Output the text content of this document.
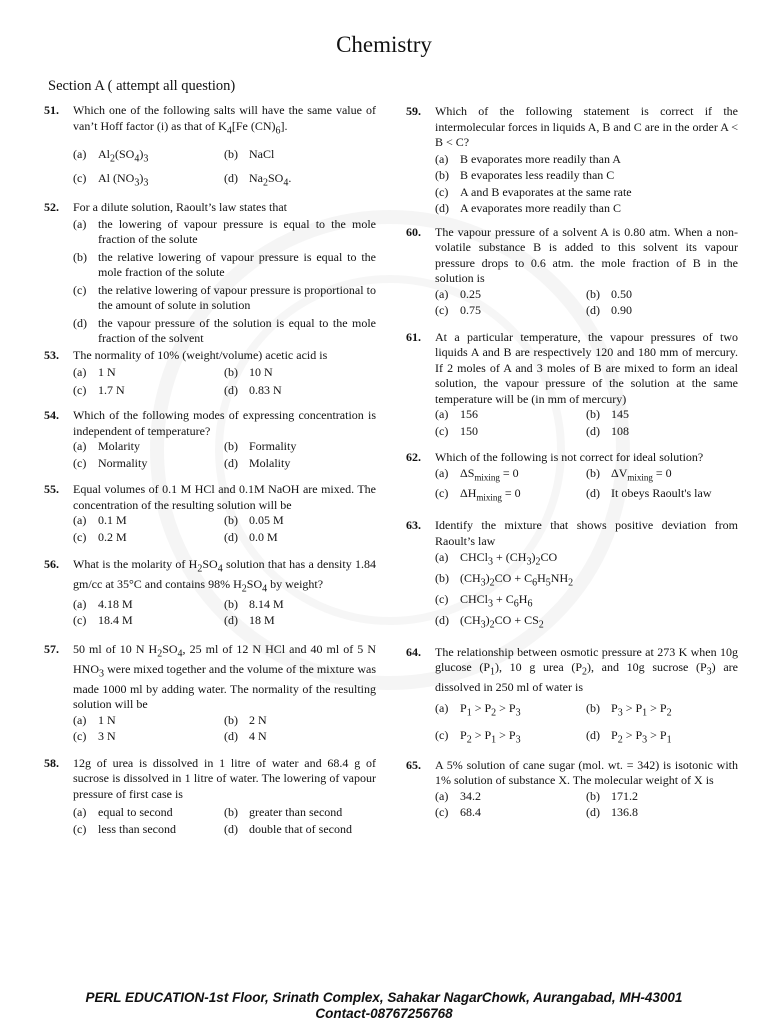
Chemistry
Section A ( attempt all question)
51. Which one of the following salts will have the same value of van’t Hoff factor (i) as that of $K_4[Fe$ $(CN)_6$].
(a) $Al_2(SO_4)_3$	(b) NaCl
(c) Al $(NO_3)_3$	(d) $Na_2SO_4$.
52. For a dilute solution, Raoult’s law states that
(a) the lowering of vapour pressure is equal to the mole fraction of the solute
(b) the relative lowering of vapour pressure is equal to the mole fraction of the solute
(c) the relative lowering of vapour pressure is proportional to the amount of solute in solution
(d) the vapour pressure of the solution is equal to the mole fraction of the solvent
53. The normality of 10% (weight/volume) acetic acid is
(a) 1 N	(b) 10 N
(c) 1.7 N	(d) 0.83 N
54. Which of the following modes of expressing concentration is independent of temperature?
(a) Molarity	(b) Formality
(c) Normality	(d) Molality
55. Equal volumes of 0.1 M HCl and 0.1M NaOH are mixed. The concentration of the resulting solution will be
(a) 0.1 M	(b) 0.05 M
(c) 0.2 M	(d) 0.0 M
56. What is the molarity of $H_2SO_4$ solution that has a density 1.84 gm/cc at 35°C and contains 98% $H_2SO_4$ by weight?
(a) 4.18 M	(b) 8.14 M
(c) 18.4 M	(d) 18 M
57. 50 ml of 10 N $H_2SO_4$, 25 ml of 12 N HCl and 40 ml of 5 N $HNO_3$ were mixed together and the volume of the mixture was made 1000 ml by adding water. The normality of the resulting solution will be
(a) 1 N	(b) 2 N
(c) 3 N	(d) 4 N
58. 12g of urea is dissolved in 1 litre of water and 68.4 g of sucrose is dissolved in 1 litre of water. The lowering of vapour pressure of first case is
(a) equal to second	(b) greater than second
(c) less than second	(d) double that of second
59. Which of the following statement is correct if the intermolecular forces in liquids A, B and C are in the order A < B < C?
(a) B evaporates more readily than A
(b) B evaporates less readily than C
(c) A and B evaporates at the same rate
(d) A evaporates more readily than C
60. The vapour pressure of a solvent A is 0.80 atm. When a non-volatile substance B is added to this solvent its vapour pressure drops to 0.6 atm. the mole fraction of B in the solution is
(a) 0.25	(b) 0.50
(c) 0.75	(d) 0.90
61. At a particular temperature, the vapour pressures of two liquids A and B are respectively 120 and 180 mm of mercury. If 2 moles of A and 3 moles of B are mixed to form an ideal solution, the vapour pressure of the solution at the same temperature will be (in mm of mercury)
(a) 156	(b) 145
(c) 150	(d) 108
62. Which of the following is not correct for ideal solution?
(a) $\Delta S_{mixing} = 0$	(b) $\Delta V_{mixing} = 0$
(c) $\Delta H_{mixing} = 0$	(d) It obeys Raoult's law
63. Identify the mixture that shows positive deviation from Raoult’s law
(a) CHCl$_3$ + $(CH_3)_2CO$
(b) $(CH_3)_2CO + C_6H_5NH_2$
(c) CHCl$_3$ + $C_6H_6$
(d) $(CH_3)_2CO + CS_2$
64. The relationship between osmotic pressure at 273 K when 10g glucose $(P_1)$, 10 g urea $(P_2)$, and 10g sucrose $(P_3)$ are dissolved in 250 ml of water is
(a) $P_1 > P_2 > P_3$	(b) $P_3 > P_1 > P_2$
(c) $P_2 > P_1 > P_3$	(d) $P_2 > P_3 > P_1$
65. A 5% solution of cane sugar (mol. wt. = 342) is isotonic with 1% solution of substance X. The molecular weight of X is
(a) 34.2	(b) 171.2
(c) 68.4	(d) 136.8
PERL EDUCATION-1st Floor, Srinath Complex, Sahakar NagarChowk, Aurangabad, MH-43001
Contact-08767256768
